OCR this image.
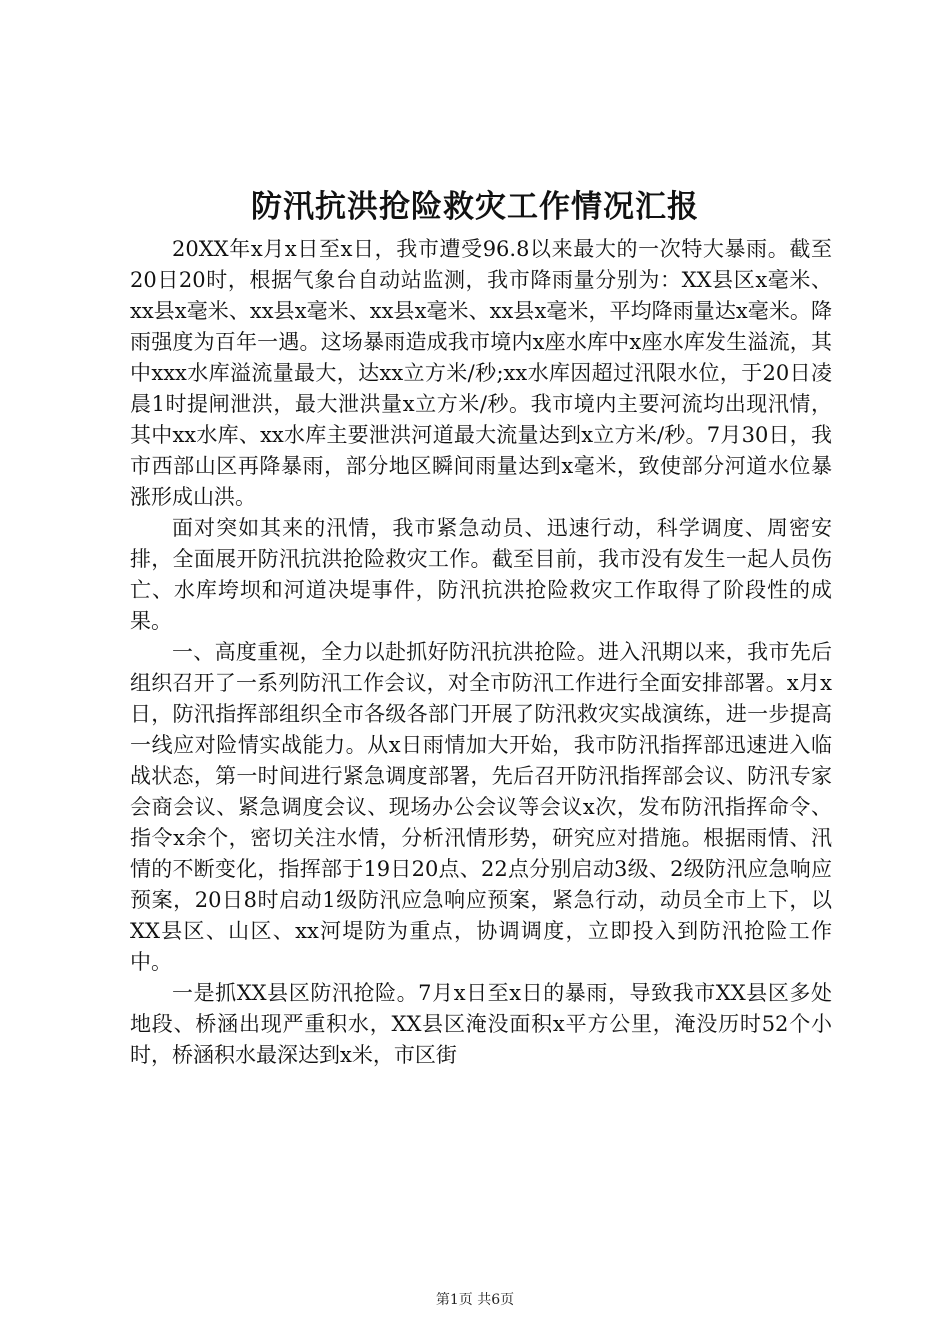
防汛抗洪抢险救灾工作情况汇报

20XX年x月x日至x日，我市遭受96.8以来最大的一次特大暴雨。截至20日20时，根据气象台自动站监测，我市降雨量分别为：XX县区x毫米、xx县x毫米、xx县x毫米、xx县x毫米、xx县x毫米，平均降雨量达x毫米。降雨强度为百年一遇。这场暴雨造成我市境内x座水库中x座水库发生溢流，其中xxx水库溢流量最大，达xx立方米/秒;xx水库因超过汛限水位，于20日凌晨1时提闸泄洪，最大泄洪量x立方米/秒。我市境内主要河流均出现汛情，其中xx水库、xx水库主要泄洪河道最大流量达到x立方米/秒。7月30日，我市西部山区再降暴雨，部分地区瞬间雨量达到x毫米，致使部分河道水位暴涨形成山洪。

面对突如其来的汛情，我市紧急动员、迅速行动，科学调度、周密安排，全面展开防汛抗洪抢险救灾工作。截至目前，我市没有发生一起人员伤亡、水库垮坝和河道决堤事件，防汛抗洪抢险救灾工作取得了阶段性的成果。

一、高度重视，全力以赴抓好防汛抗洪抢险。进入汛期以来，我市先后组织召开了一系列防汛工作会议，对全市防汛工作进行全面安排部署。x月x日，防汛指挥部组织全市各级各部门开展了防汛救灾实战演练，进一步提高一线应对险情实战能力。从x日雨情加大开始，我市防汛指挥部迅速进入临战状态，第一时间进行紧急调度部署，先后召开防汛指挥部会议、防汛专家会商会议、紧急调度会议、现场办公会议等会议x次，发布防汛指挥命令、指令x余个，密切关注水情，分析汛情形势，研究应对措施。根据雨情、汛情的不断变化，指挥部于19日20点、22点分别启动3级、2级防汛应急响应预案，20日8时启动1级防汛应急响应预案，紧急行动，动员全市上下，以XX县区、山区、xx河堤防为重点，协调调度，立即投入到防汛抢险工作中。

一是抓XX县区防汛抢险。7月x日至x日的暴雨，导致我市XX县区多处地段、桥涵出现严重积水，XX县区淹没面积x平方公里，淹没历时52个小时，桥涵积水最深达到x米，市区街

第1页 共6页
